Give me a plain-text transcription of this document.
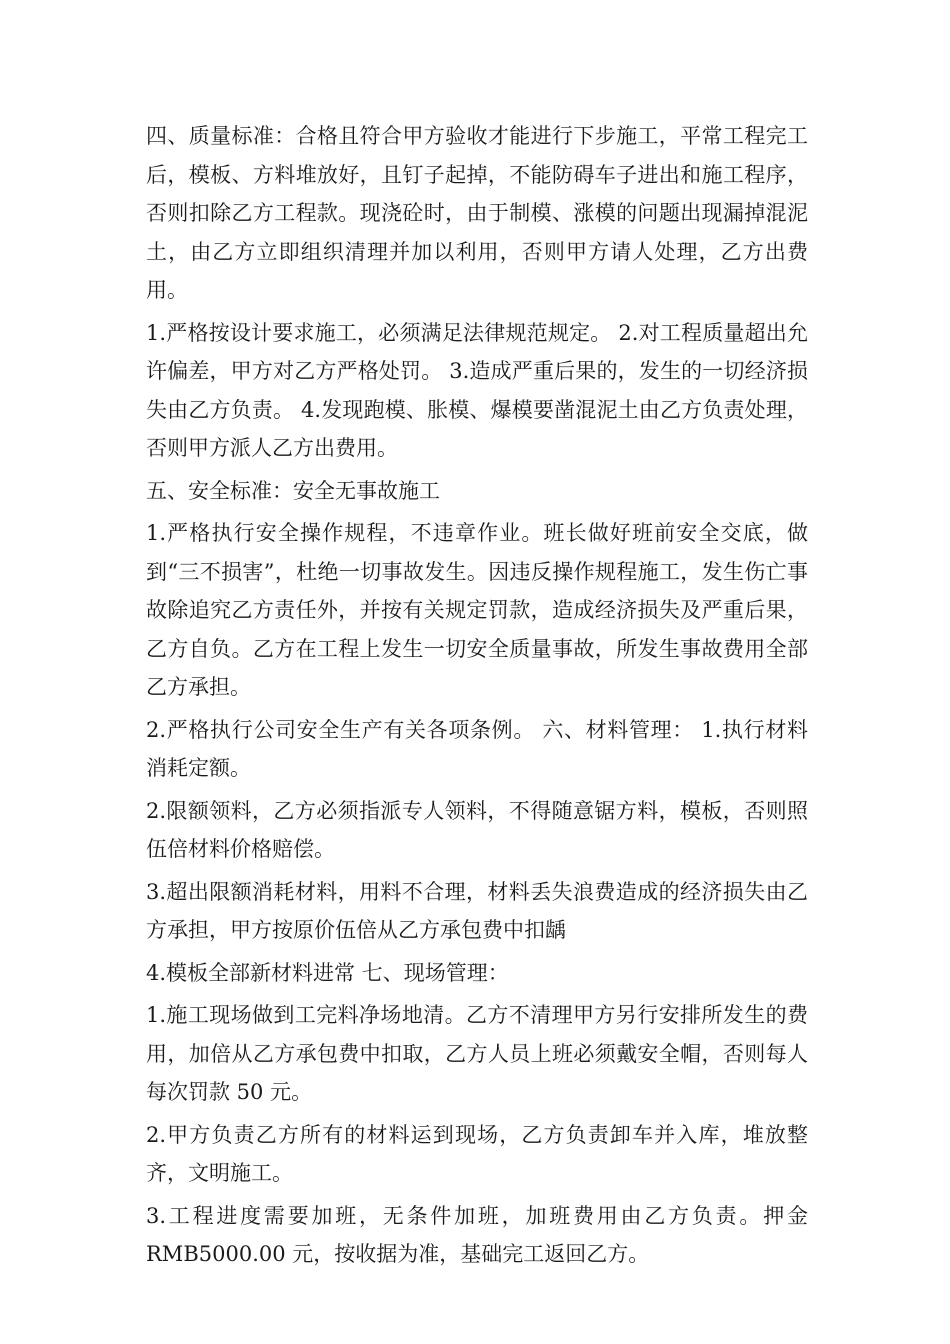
四、质量标准：合格且符合甲方验收才能进行下步施工，平常工程完工后，模板、方料堆放好，且钉子起掉，不能防碍车子进出和施工程序，否则扣除乙方工程款。现浇砼时，由于制模、涨模的问题出现漏掉混泥土，由乙方立即组织清理并加以利用，否则甲方请人处理，乙方出费用。

1.严格按设计要求施工，必须满足法律规范规定。 2.对工程质量超出允许偏差，甲方对乙方严格处罚。 3.造成严重后果的，发生的一切经济损失由乙方负责。 4.发现跑模、胀模、爆模要凿混泥土由乙方负责处理，否则甲方派人乙方出费用。

五、安全标准：安全无事故施工

1.严格执行安全操作规程，不违章作业。班长做好班前安全交底，做到“三不损害”，杜绝一切事故发生。因违反操作规程施工，发生伤亡事故除追究乙方责任外，并按有关规定罚款，造成经济损失及严重后果，乙方自负。乙方在工程上发生一切安全质量事故，所发生事故费用全部乙方承担。

2.严格执行公司安全生产有关各项条例。 六、材料管理： 1.执行材料消耗定额。

2.限额领料，乙方必须指派专人领料，不得随意锯方料，模板，否则照伍倍材料价格赔偿。

3.超出限额消耗材料，用料不合理，材料丢失浪费造成的经济损失由乙方承担，甲方按原价伍倍从乙方承包费中扣龋

4.模板全部新材料进常 七、现场管理：

1.施工现场做到工完料净场地清。乙方不清理甲方另行安排所发生的费用，加倍从乙方承包费中扣取，乙方人员上班必须戴安全帽，否则每人每次罚款 50 元。

2.甲方负责乙方所有的材料运到现场，乙方负责卸车并入库，堆放整齐，文明施工。

3.工程进度需要加班，无条件加班，加班费用由乙方负责。押金 RMB5000.00 元，按收据为准，基础完工返回乙方。
